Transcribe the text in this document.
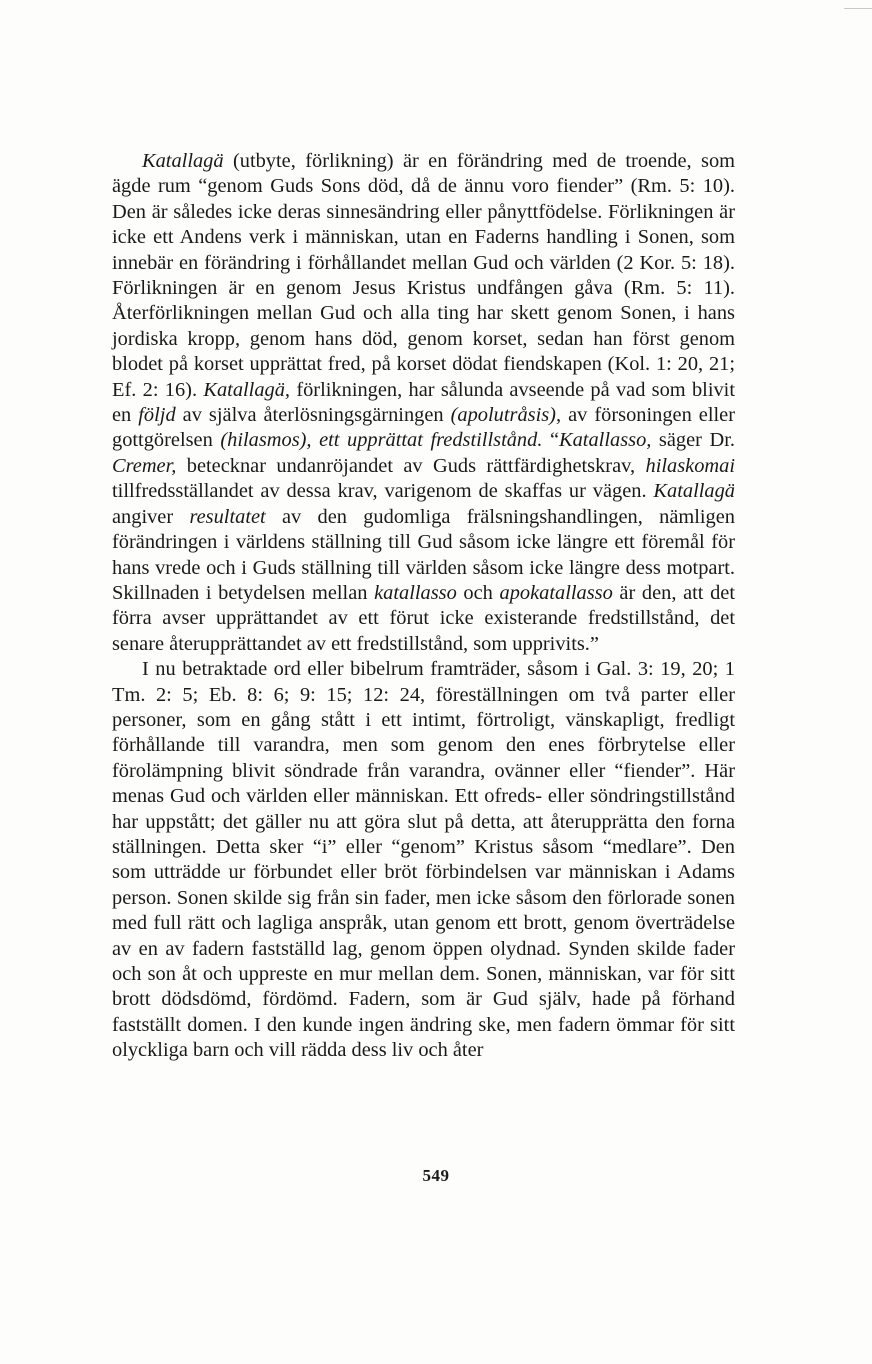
Katallagä (utbyte, förlikning) är en förändring med de troende, som ägde rum “genom Guds Sons död, då de ännu voro fiender” (Rm. 5: 10). Den är således icke deras sinnesändring eller pånyttfödelse. Förlikningen är icke ett Andens verk i människan, utan en Faderns handling i Sonen, som innebär en förändring i förhållandet mellan Gud och världen (2 Kor. 5: 18). Förlikningen är en genom Jesus Kristus undfången gåva (Rm. 5: 11). Återförlikningen mellan Gud och alla ting har skett genom Sonen, i hans jordiska kropp, genom hans död, genom korset, sedan han först genom blodet på korset upprättat fred, på korset dödat fiendskapen (Kol. 1: 20, 21; Ef. 2: 16). Katallagä, förlikningen, har sålunda avseende på vad som blivit en följd av själva återlösningsgärningen (apolutråsis), av försoningen eller gottgörelsen (hilasmos), ett upprättat fredstillstånd. “Katallasso, säger Dr. Cremer, betecknar undanröjandet av Guds rättfärdighetskrav, hilaskomai tillfredsställandet av dessa krav, varigenom de skaffas ur vägen. Katallagä angiver resultatet av den gudomliga frälsningshandlingen, nämligen förändringen i världens ställning till Gud såsom icke längre ett föremål för hans vrede och i Guds ställning till världen såsom icke längre dess motpart. Skillnaden i betydelsen mellan katallasso och apokatallasso är den, att det förra avser upprättandet av ett förut icke existerande fredstillstånd, det senare återupprättandet av ett fredstillstånd, som upprivits.”

I nu betraktade ord eller bibelrum framträder, såsom i Gal. 3: 19, 20; 1 Tm. 2: 5; Eb. 8: 6; 9: 15; 12: 24, föreställningen om två parter eller personer, som en gång stått i ett intimt, förtroligt, vänskapligt, fredligt förhållande till varandra, men som genom den enes förbrytelse eller förolämpning blivit söndrade från varandra, ovänner eller “fiender”. Här menas Gud och världen eller människan. Ett ofreds- eller söndringstillstånd har uppstått; det gäller nu att göra slut på detta, att återupprätta den forna ställningen. Detta sker “i” eller “genom” Kristus såsom “medlare”. Den som utträdde ur förbundet eller bröt förbindelsen var människan i Adams person. Sonen skilde sig från sin fader, men icke såsom den förlorade sonen med full rätt och lagliga anspråk, utan genom ett brott, genom överträdelse av en av fadern fastställd lag, genom öppen olydnad. Synden skilde fader och son åt och uppreste en mur mellan dem. Sonen, människan, var för sitt brott dödsdömd, fördömd. Fadern, som är Gud själv, hade på förhand fastställt domen. I den kunde ingen ändring ske, men fadern ömmar för sitt olyckliga barn och vill rädda dess liv och åter

549
